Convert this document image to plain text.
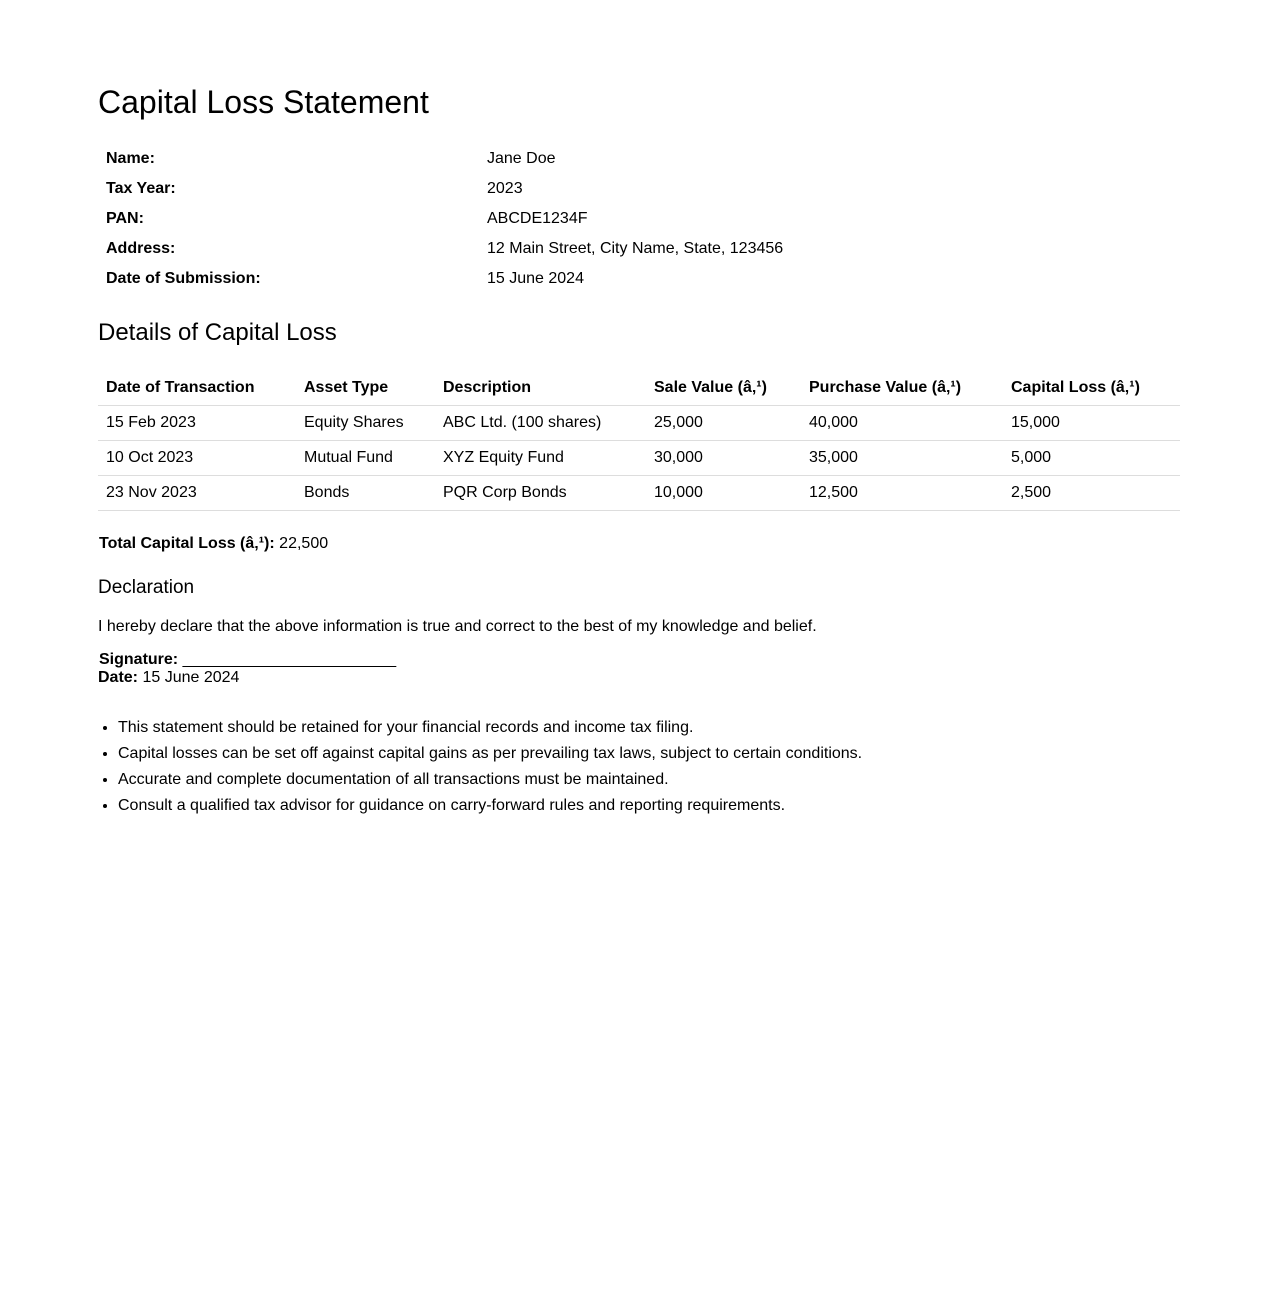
Capital Loss Statement
Name:	Jane Doe
Tax Year:	2023
PAN:	ABCDE1234F
Address:	12 Main Street, City Name, State, 123456
Date of Submission:	15 June 2024
Details of Capital Loss
Date of Transaction	Asset Type	Description	Sale Value (â‚¹)	Purchase Value (â‚¹)	Capital Loss (â‚¹)
15 Feb 2023	Equity Shares	ABC Ltd. (100 shares)	25,000	40,000	15,000
10 Oct 2023	Mutual Fund	XYZ Equity Fund	30,000	35,000	5,000
23 Nov 2023	Bonds	PQR Corp Bonds	10,000	12,500	2,500
Total Capital Loss (â‚¹): 22,500
Declaration
I hereby declare that the above information is true and correct to the best of my knowledge and belief.
Signature: ________________________
Date: 15 June 2024
• This statement should be retained for your financial records and income tax filing.
• Capital losses can be set off against capital gains as per prevailing tax laws, subject to certain conditions.
• Accurate and complete documentation of all transactions must be maintained.
• Consult a qualified tax advisor for guidance on carry-forward rules and reporting requirements.
